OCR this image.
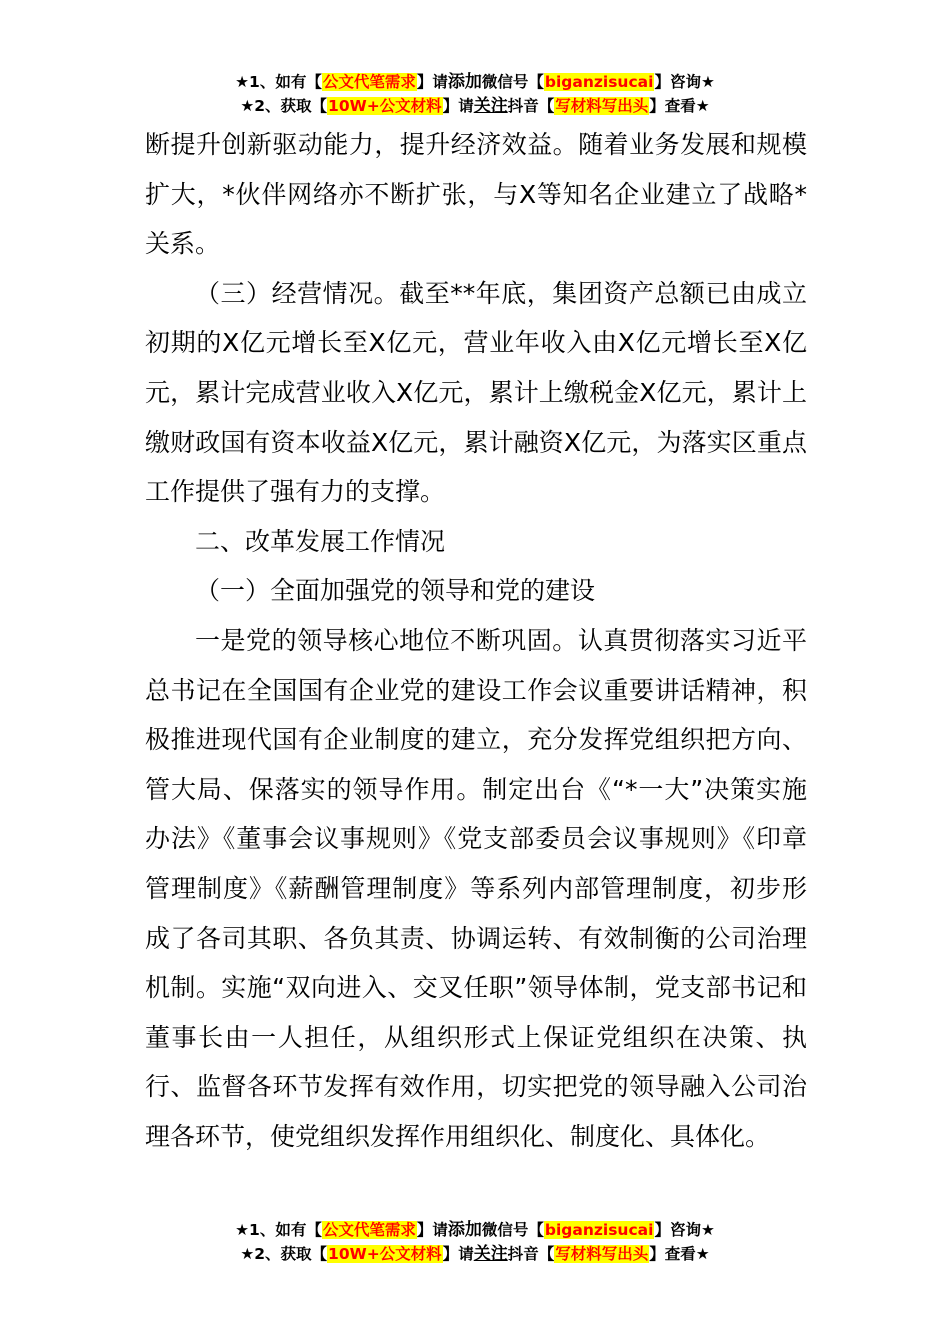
★1、如有【公文代笔需求】请添加微信号【biganzisucai】咨询★
★2、获取【10W+公文材料】请关注抖音【写材料写出头】查看★

断提升创新驱动能力，提升经济效益。随着业务发展和规模扩大，*伙伴网络亦不断扩张，与X等知名企业建立了战略*关系。

（三）经营情况。截至**年底，集团资产总额已由成立初期的X亿元增长至X亿元，营业年收入由X亿元增长至X亿元，累计完成营业收入X亿元，累计上缴税金X亿元，累计上缴财政国有资本收益X亿元，累计融资X亿元，为落实区重点工作提供了强有力的支撑。

二、改革发展工作情况

（一）全面加强党的领导和党的建设

一是党的领导核心地位不断巩固。认真贯彻落实习近平总书记在全国国有企业党的建设工作会议重要讲话精神，积极推进现代国有企业制度的建立，充分发挥党组织把方向、管大局、保落实的领导作用。制定出台《“*一大”决策实施办法》《董事会议事规则》《党支部委员会议事规则》《印章管理制度》《薪酬管理制度》等系列内部管理制度，初步形成了各司其职、各负其责、协调运转、有效制衡的公司治理机制。实施“双向进入、交叉任职”领导体制，党支部书记和董事长由一人担任，从组织形式上保证党组织在决策、执行、监督各环节发挥有效作用，切实把党的领导融入公司治理各环节，使党组织发挥作用组织化、制度化、具体化。

★1、如有【公文代笔需求】请添加微信号【biganzisucai】咨询★
★2、获取【10W+公文材料】请关注抖音【写材料写出头】查看★
